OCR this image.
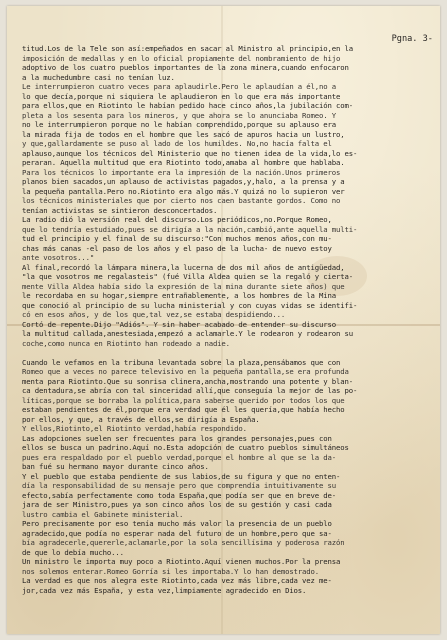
Pgna. 3-
titud.Los de la Tele son así:empeñados en sacar al Ministro al principio,en la
imposición de medallas y en lo oficial propiamente del nombramiento de hijo
adoptivo de los cuatro pueblos importantes de la zona minera,cuando enfocaron
a la muchedumbre casi no tenían luz.
Le interrumpieron cuatro veces para aplaudirle.Pero le aplaudían a él,no a
lo que decía,porque ni siquiera le aplaudieron en lo que era más importante
para ellos,que en Riotinto le habían pedido hace cinco años,la jubilación com-
pleta a los sesenta para los mineros, y que ahora se lo anunciaba Romeo. Y
no le interrumpieron porque no le habían comprendido,porque su aplauso era
la mirada fija de todos en el hombre que les sacó de apuros hacia un lustro,
y que,gallardamente se puso al lado de los humildes. No,no hacía falta el
aplauso,aunque los técnicos del Ministerio que no tienen idea de la vida,lo es-
peraran. Aquella multitud que era Riotinto todo,amaba al hombre que hablaba.
Para los técnicos lo importante era la impresión de la nación.Unos primeros
planos bien sacados,un aplauso de activistas pagados,y,halo, a la prensa y a
la pequeña pantalla.Pero no.Riotinto era algo más.Y quizá no lo supieron ver
los técnicos ministeriales que por cierto nos caen bastante gordos. Como no
tenían activistas se sintieron desconcertados.
La radio dió la versión real del discurso.Los periódicos,no.Porque Romeo,
que lo tendría estudiado,pues se dirigía a la nación,cambió,ante aquella multi-
tud el principio y el final de su discurso:"Con muchos menos años,con mu-
chas más canas -el paso de los años y el paso de la lucha- de nuevo estoy
ante vosotros..."
Al final,recordó la lámpara minera,la lucerna de dos mil años de antigüedad,
"la que vosotros me regalasteis" (fué Villa Aldea quien se la regaló y cierta-
mente Villa Aldea había sido la expresión de la mina durante siete años) que
le recordaba en su hogar,siempre entrañablemente, a los hombres de la Mina
que conoció al principio de su lucha ministerial y con cuyas vidas se identifi-
có en esos años, y de los que,tal vez,se estaba despidiendo...
Cortó de repente.Dijo "Adiós". Y sin haber acabado de entender su discurso
la multitud callada,anestesiada,empezó a aclamarle.Y le rodearon y rodearon su
coche,como nunca en Riotinto han rodeado a nadie.
Cuando le vefamos en la tribuna levantada sobre la plaza,pensábamos que con
Romeo que a veces no parece televisivo en la pequeña pantalla,se era profunda
menta para Riotinto.Que su sonrisa clinera,ancha,mostrando una potente y blan-
ca dentadura,se abría con tal sinceridad allí,que conseguía la mejor de las po-
líticas,porque se borraba la política,para saberse querido por todos los que
estaban pendientes de él,porque era verdad que él les quería,que había hecho
por ellos, y que, a través de ellos,se dirigía a España.
Y ellos,Riotinto,el Riotinto verdad,había respondido.
Las adopciones suelen ser frecuentes para los grandes personajes,pues con
ellos se busca un padrino.Aquí no.Esta adopción de cuatro pueblos simultáneos
pues era respaldado por el pueblo verdad,porque el hombre al que se la da-
ban fué su hermano mayor durante cinco años.
Y el pueblo que estaba pendiente de sus labios,de su figura y que no enten-
día la responsabilidad de su mensaje pero que comprendía intuitivamente su
efecto,sabía perfectamente como toda España,que podía ser que en breve de-
jara de ser Ministro,pues ya son cinco años los de su gestión y casi cada
lustro cambia el Gabinete ministerial.
Pero precisamente por eso tenía mucho más valor la presencia de un pueblo
agradecido,que podía no esperar nada del futuro de un hombre,pero que sa-
bía agradecerle,quererle,aclamarle,por la sola sencillísima y poderosa razón
de que lo debía mucho...
Un ministro le importa muy poco a Riotinto.Aquí vienen muchos.Por la prensa
nos solemos enterar.Romeo Gorría si les importaba.Y lo han demostrado.
La verdad es que nos alegra este Riotinto,cada vez más libre,cada vez me-
jor,cada vez más España, y esta vez,limpiamente agradecido en Dios.
